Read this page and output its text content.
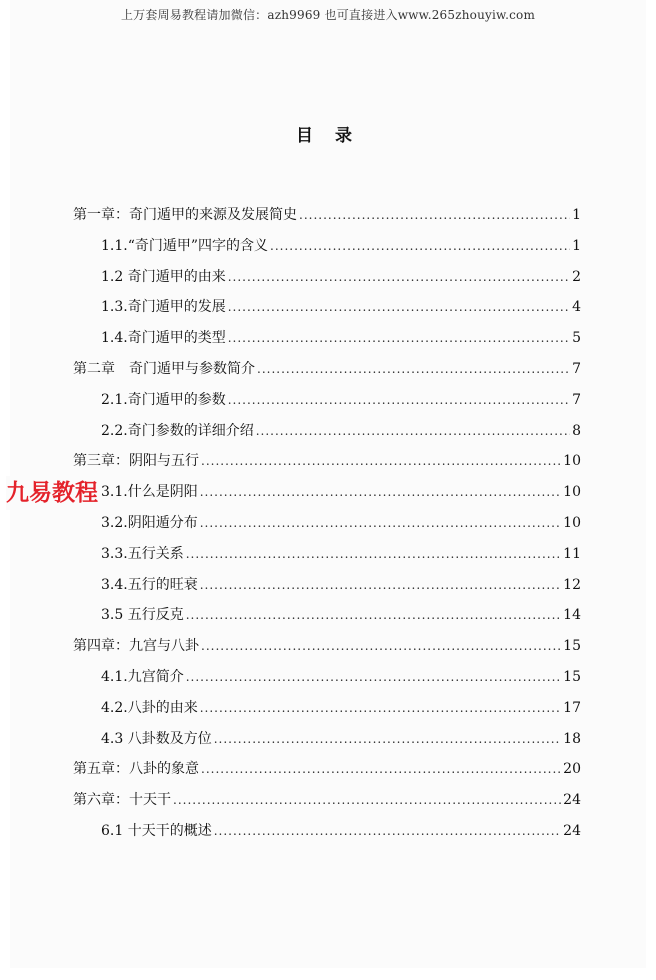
上万套周易教程请加微信：azh9969 也可直接进入www.265zhouyiw.com
目 录
第一章：奇门遁甲的来源及发展简史 .....	1
1.1.“奇门遁甲”四字的含义 .....	1
1.2 奇门遁甲的由来 .....	2
1.3.奇门遁甲的发展 .....	4
1.4.奇门遁甲的类型 .....	5
第二章　奇门遁甲与参数简介 .....	7
2.1.奇门遁甲的参数 .....	7
2.2.奇门参数的详细介绍 .....	8
第三章：阴阳与五行 .....	10
3.1.什么是阴阳 .....	10
3.2.阴阳遁分布 .....	10
3.3.五行关系 .....	11
3.4.五行的旺衰 .....	12
3.5 五行反克 .....	14
第四章：九宫与八卦 .....	15
4.1.九宫简介 .....	15
4.2.八卦的由来 .....	17
4.3 八卦数及方位 .....	18
第五章：八卦的象意 .....	20
第六章：十天干 .....	24
6.1 十天干的概述 .....	24
九易教程
